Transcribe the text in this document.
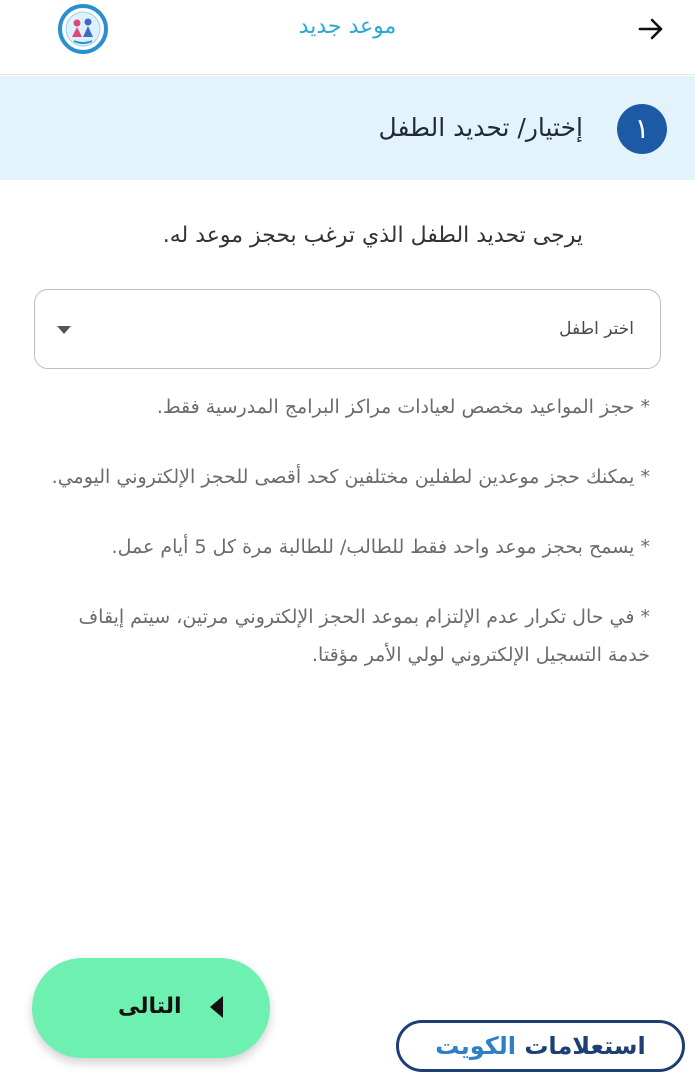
موعد جديد
١
إختيار/ تحديد الطفل
يرجى تحديد الطفل الذي ترغب بحجز موعد له.
اختر اطفل

* حجز المواعيد مخصص لعيادات مراكز البرامج المدرسية فقط.

* يمكنك حجز موعدين لطفلين مختلفين كحد أقصى للحجز الإلكتروني اليومي.

* يسمح بحجز موعد واحد فقط للطالب/ للطالبة مرة كل 5 أيام عمل.

* في حال تكرار عدم الإلتزام بموعد الحجز الإلكتروني مرتين، سيتم إيقاف خدمة التسجيل الإلكتروني لولي الأمر مؤقتا.

التالى
استعلامات الكويت
